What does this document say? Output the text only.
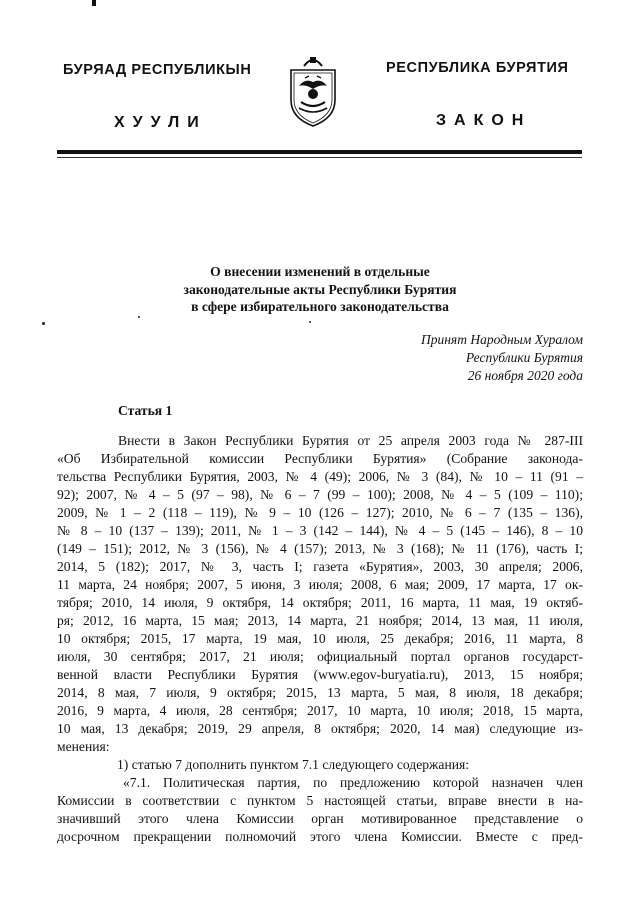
БУРЯАД РЕСПУБЛИКЫН
ХУУЛИ
РЕСПУБЛИКА БУРЯТИЯ
ЗАКОН
О внесении изменений в отдельные
законодательные акты Республики Бурятия
в сфере избирательного законодательства
Принят Народным Хуралом
Республики Бурятия
26 ноября 2020 года
Статья 1
Внести в Закон Республики Бурятия от 25 апреля 2003 года № 287-III
«Об Избирательной комиссии Республики Бурятия» (Собрание законода-
тельства Республики Бурятия, 2003, № 4 (49); 2006, № 3 (84), № 10 – 11 (91 –
92); 2007, № 4 – 5 (97 – 98), № 6 – 7 (99 – 100); 2008, № 4 – 5 (109 – 110);
2009, № 1 – 2 (118 – 119), № 9 – 10 (126 – 127); 2010, № 6 – 7 (135 – 136),
№ 8 – 10 (137 – 139); 2011, № 1 – 3 (142 – 144), № 4 – 5 (145 – 146), 8 – 10
(149 – 151); 2012, № 3 (156), № 4 (157); 2013, № 3 (168); № 11 (176), часть I;
2014, 5 (182); 2017, № 3, часть I; газета «Бурятия», 2003, 30 апреля; 2006,
11 марта, 24 ноября; 2007, 5 июня, 3 июля; 2008, 6 мая; 2009, 17 марта, 17 ок-
тября; 2010, 14 июля, 9 октября, 14 октября; 2011, 16 марта, 11 мая, 19 октяб-
ря; 2012, 16 марта, 15 мая; 2013, 14 марта, 21 ноября; 2014, 13 мая, 11 июля,
10 октября; 2015, 17 марта, 19 мая, 10 июля, 25 декабря; 2016, 11 марта, 8
июля, 30 сентября; 2017, 21 июля; официальный портал органов государст-
венной власти Республики Бурятия (www.egov-buryatia.ru), 2013, 15 ноября;
2014, 8 мая, 7 июля, 9 октября; 2015, 13 марта, 5 мая, 8 июля, 18 декабря;
2016, 9 марта, 4 июля, 28 сентября; 2017, 10 марта, 10 июля; 2018, 15 марта,
10 мая, 13 декабря; 2019, 29 апреля, 8 октября; 2020, 14 мая) следующие из-
менения:
1) статью 7 дополнить пунктом 7.1 следующего содержания:
«7.1. Политическая партия, по предложению которой назначен член
Комиссии в соответствии с пунктом 5 настоящей статьи, вправе внести в на-
значивший этого члена Комиссии орган мотивированное представление о
досрочном прекращении полномочий этого члена Комиссии. Вместе с пред-
